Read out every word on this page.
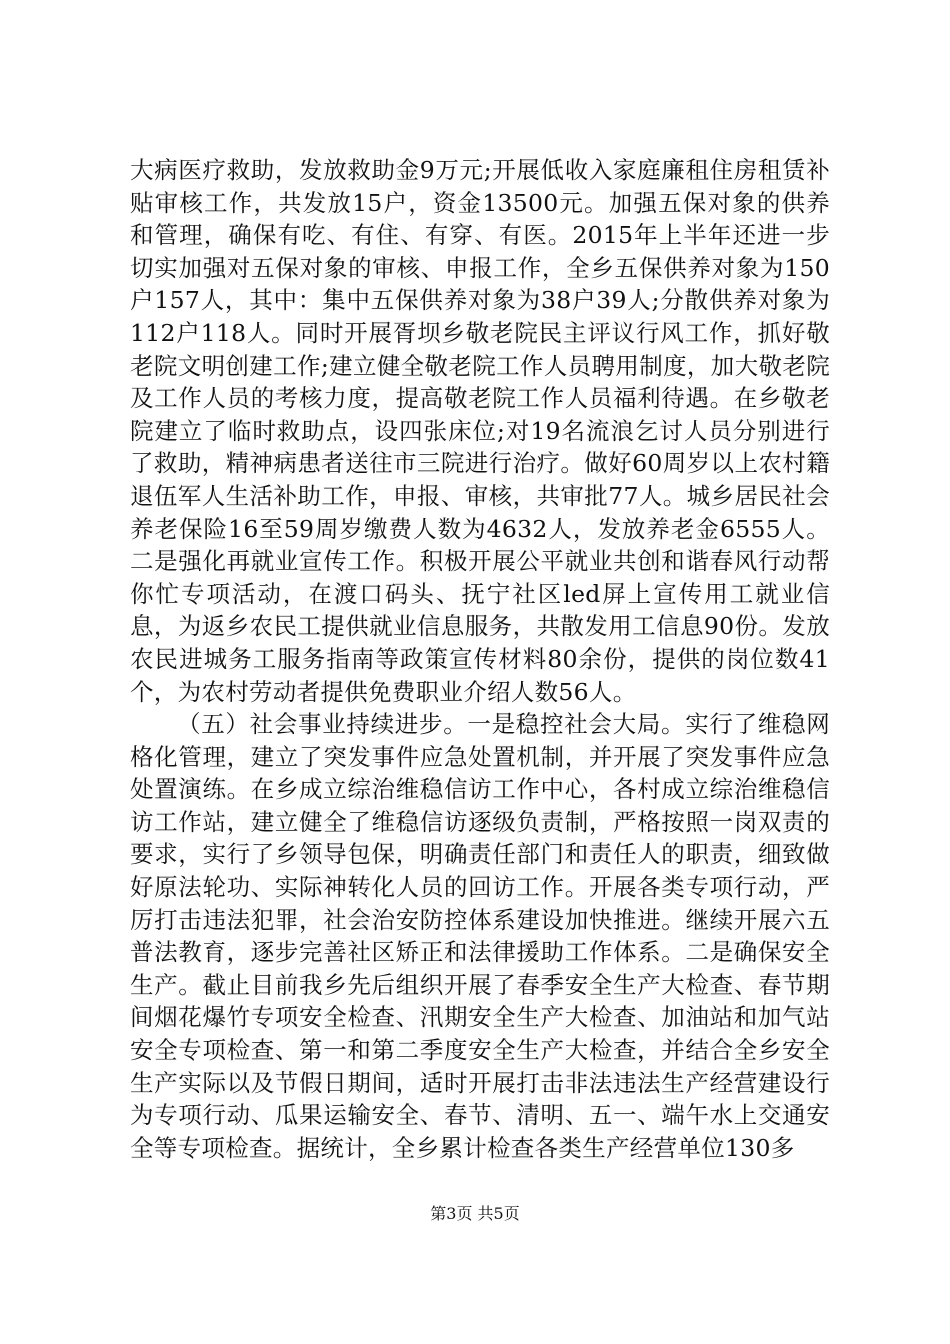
大病医疗救助，发放救助金9万元;开展低收入家庭廉租住房租赁补贴审核工作，共发放15户，资金13500元。加强五保对象的供养和管理，确保有吃、有住、有穿、有医。2015年上半年还进一步切实加强对五保对象的审核、申报工作，全乡五保供养对象为150户157人，其中：集中五保供养对象为38户39人;分散供养对象为112户118人。同时开展胥坝乡敬老院民主评议行风工作，抓好敬老院文明创建工作;建立健全敬老院工作人员聘用制度，加大敬老院及工作人员的考核力度，提高敬老院工作人员福利待遇。在乡敬老院建立了临时救助点，设四张床位;对19名流浪乞讨人员分别进行了救助，精神病患者送往市三院进行治疗。做好60周岁以上农村籍退伍军人生活补助工作，申报、审核，共审批77人。城乡居民社会养老保险16至59周岁缴费人数为4632人，发放养老金6555人。二是强化再就业宣传工作。积极开展公平就业共创和谐春风行动帮你忙专项活动，在渡口码头、抚宁社区led屏上宣传用工就业信息，为返乡农民工提供就业信息服务，共散发用工信息90份。发放农民进城务工服务指南等政策宣传材料80余份，提供的岗位数41个，为农村劳动者提供免费职业介绍人数56人。

（五）社会事业持续进步。一是稳控社会大局。实行了维稳网格化管理，建立了突发事件应急处置机制，并开展了突发事件应急处置演练。在乡成立综治维稳信访工作中心，各村成立综治维稳信访工作站，建立健全了维稳信访逐级负责制，严格按照一岗双责的要求，实行了乡领导包保，明确责任部门和责任人的职责，细致做好原法轮功、实际神转化人员的回访工作。开展各类专项行动，严厉打击违法犯罪，社会治安防控体系建设加快推进。继续开展六五普法教育，逐步完善社区矫正和法律援助工作体系。二是确保安全生产。截止目前我乡先后组织开展了春季安全生产大检查、春节期间烟花爆竹专项安全检查、汛期安全生产大检查、加油站和加气站安全专项检查、第一和第二季度安全生产大检查，并结合全乡安全生产实际以及节假日期间，适时开展打击非法违法生产经营建设行为专项行动、瓜果运输安全、春节、清明、五一、端午水上交通安全等专项检查。据统计，全乡累计检查各类生产经营单位130多

第3页 共5页
